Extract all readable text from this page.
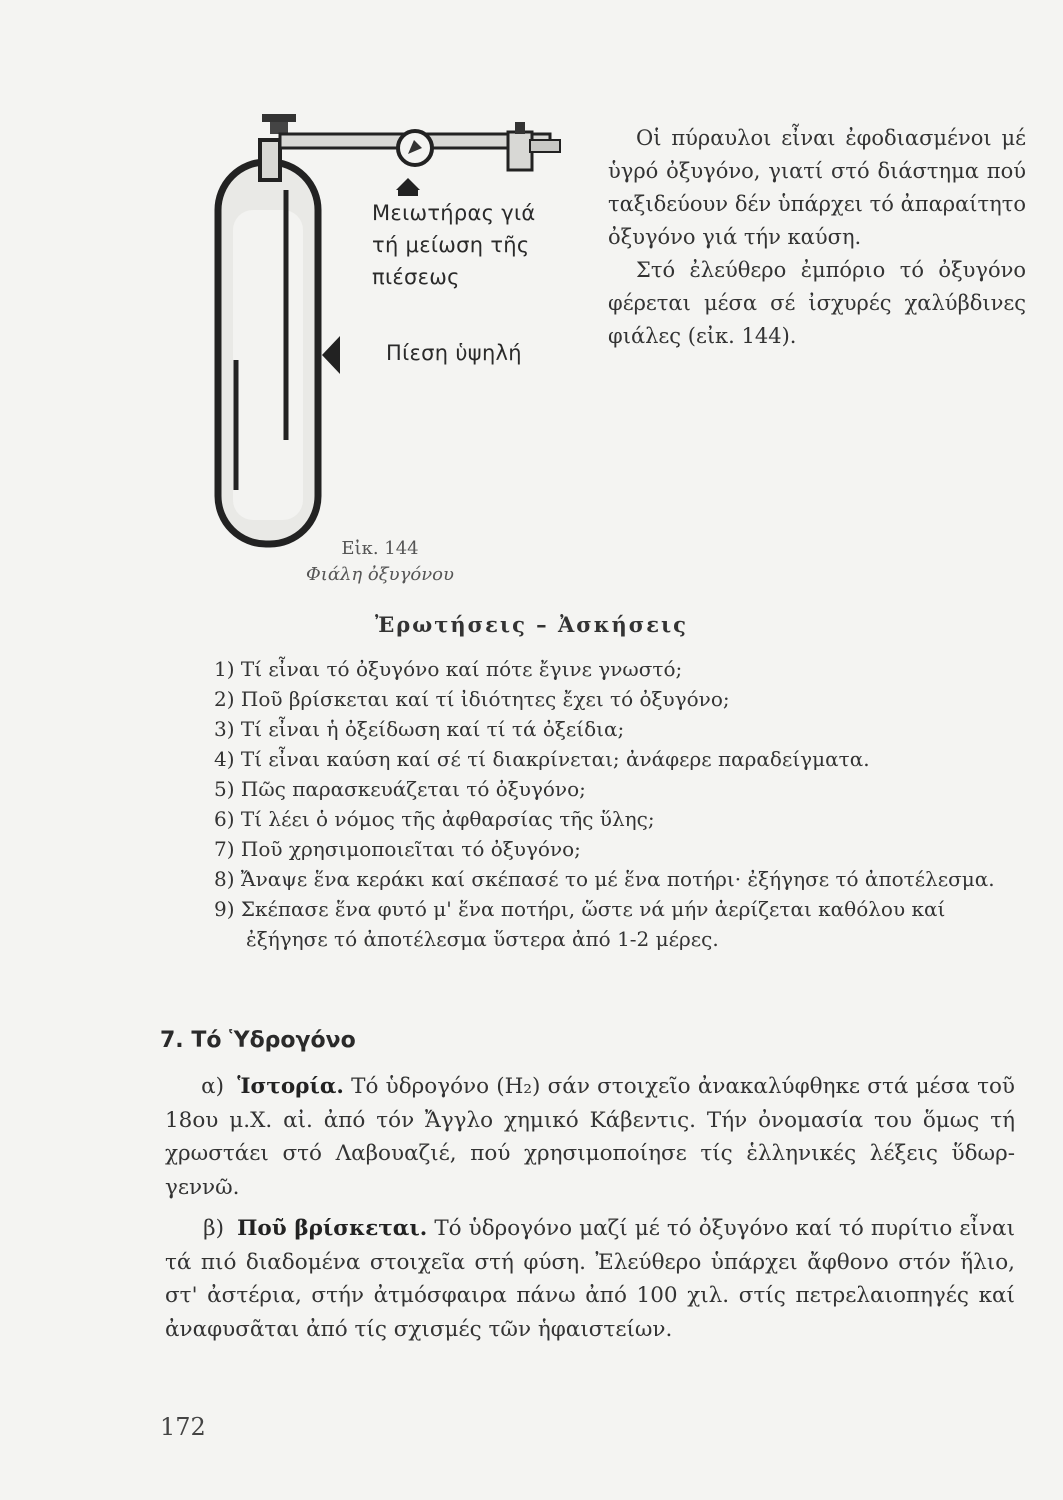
Μειωτήρας γιά
τή μείωση τῆς
πιέσεως
Πίεση ὑψηλή
Εἰκ. 144
Φιάλη ὀξυγόνου

Οἱ πύραυλοι εἶναι ἐφοδιασμένοι μέ ὑγρό ὀξυγόνο, γιατί στό διάστημα πού ταξιδεύουν δέν ὑπάρχει τό ἀπαραίτητο ὀξυγόνο γιά τήν καύση.

Στό ἐλεύθερο ἐμπόριο τό ὀξυγόνο φέρεται μέσα σέ ἰσχυρές χαλύβδινες φιάλες (εἰκ. 144).

Ἐρωτήσεις – Ἀσκήσεις
1) Τί εἶναι τό ὀξυγόνο καί πότε ἔγινε γνωστό;
2) Ποῦ βρίσκεται καί τί ἰδιότητες ἔχει τό ὀξυγόνο;
3) Τί εἶναι ἡ ὀξείδωση καί τί τά ὀξείδια;
4) Τί εἶναι καύση καί σέ τί διακρίνεται; ἀνάφερε παραδείγματα.
5) Πῶς παρασκευάζεται τό ὀξυγόνο;
6) Τί λέει ὁ νόμος τῆς ἀφθαρσίας τῆς ὕλης;
7) Ποῦ χρησιμοποιεῖται τό ὀξυγόνο;
8) Ἄναψε ἕνα κεράκι καί σκέπασέ το μέ ἕνα ποτήρι· ἐξήγησε τό ἀποτέλεσμα.
9) Σκέπασε ἕνα φυτό μ' ἕνα ποτήρι, ὥστε νά μήν ἀερίζεται καθόλου καί ἐξήγησε τό ἀποτέλεσμα ὕστερα ἀπό 1-2 μέρες.
7. Τό Ὑδρογόνο

α) Ἱστορία. Τό ὑδρογόνο (H₂) σάν στοιχεῖο ἀνακαλύφθηκε στά μέσα τοῦ 18ου μ.Χ. αἰ. ἀπό τόν Ἄγγλο χημικό Κάβεντις. Τήν ὀνομασία του ὅμως τή χρωστάει στό Λαβουαζιέ, πού χρησιμοποίησε τίς ἑλληνικές λέξεις ὕδωρ-γεννῶ.

β) Ποῦ βρίσκεται. Τό ὑδρογόνο μαζί μέ τό ὀξυγόνο καί τό πυρίτιο εἶναι τά πιό διαδομένα στοιχεῖα στή φύση. Ἐλεύθερο ὑπάρχει ἄφθονο στόν ἥλιο, στ' ἀστέρια, στήν ἀτμόσφαιρα πάνω ἀπό 100 χιλ. στίς πετρελαιοπηγές καί ἀναφυσᾶται ἀπό τίς σχισμές τῶν ἡφαιστείων.

172
